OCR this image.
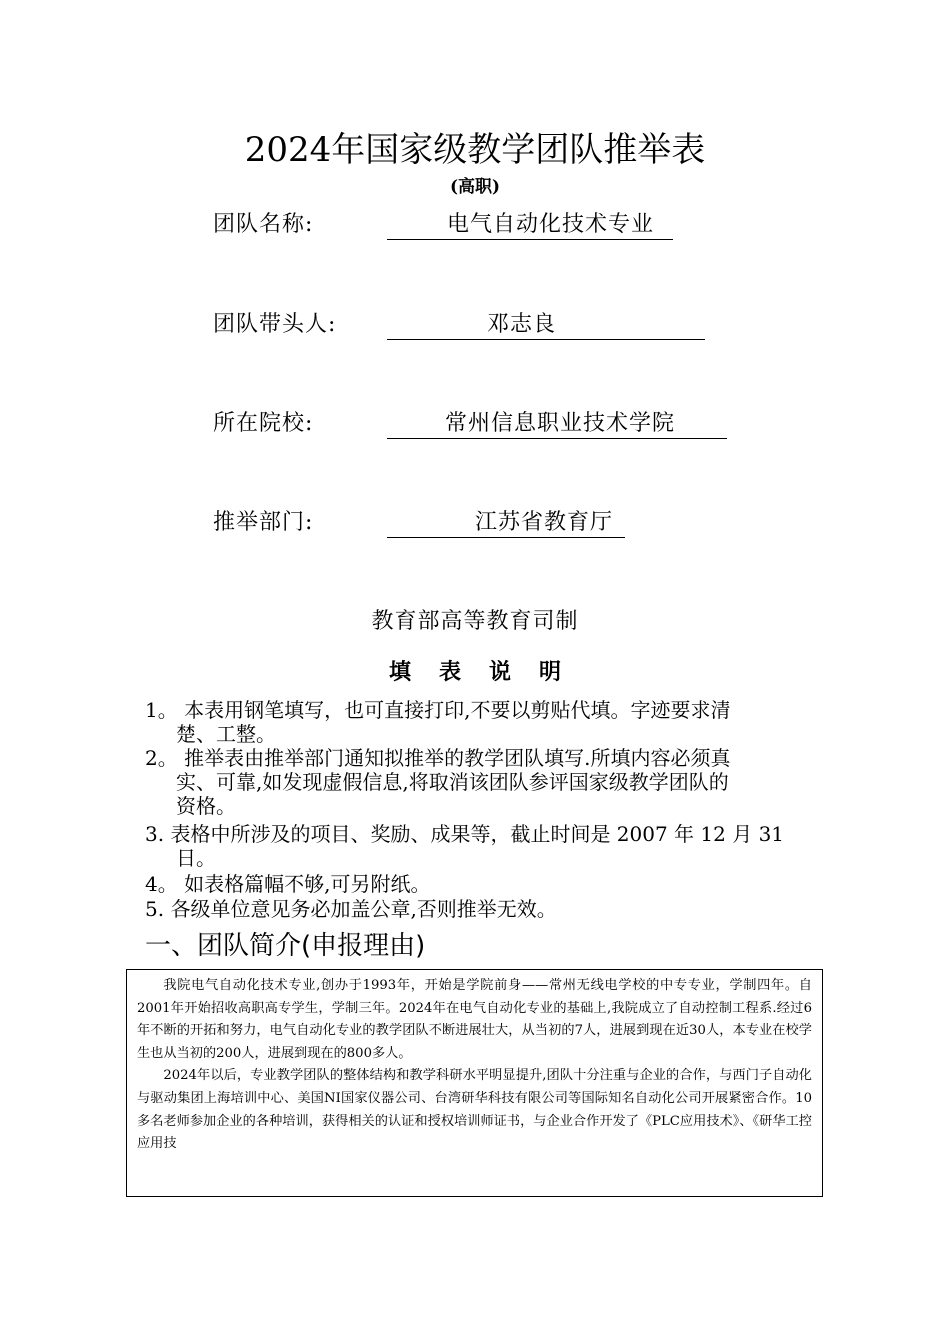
2024年国家级教学团队推举表
(高职)
团队名称:	电气自动化技术专业
团队带头人:	邓志良
所在院校:	常州信息职业技术学院
推举部门:	江苏省教育厅
教育部高等教育司制
填表说明
1。 本表用钢笔填写，也可直接打印,不要以剪贴代填。字迹要求清
楚、工整。
2。 推举表由推举部门通知拟推举的教学团队填写.所填内容必须真
实、可靠,如发现虚假信息,将取消该团队参评国家级教学团队的
资格。
3. 表格中所涉及的项目、奖励、成果等，截止时间是 2007 年 12 月 31
日。
4。 如表格篇幅不够,可另附纸。
5. 各级单位意见务必加盖公章,否则推举无效。
一、团队简介(申报理由)

我院电气自动化技术专业,创办于1993年，开始是学院前身——常州无线电学校的中专专业，学制四年。自2001年开始招收高职高专学生，学制三年。2024年在电气自动化专业的基础上,我院成立了自动控制工程系.经过6年不断的开拓和努力，电气自动化专业的教学团队不断进展壮大，从当初的7人，进展到现在近30人，本专业在校学生也从当初的200人，进展到现在的800多人。

2024年以后，专业教学团队的整体结构和教学科研水平明显提升,团队十分注重与企业的合作，与西门子自动化与驱动集团上海培训中心、美国NI国家仪器公司、台湾研华科技有限公司等国际知名自动化公司开展紧密合作。10多名老师参加企业的各种培训，获得相关的认证和授权培训师证书，与企业合作开发了《PLC应用技术》、《研华工控应用技
